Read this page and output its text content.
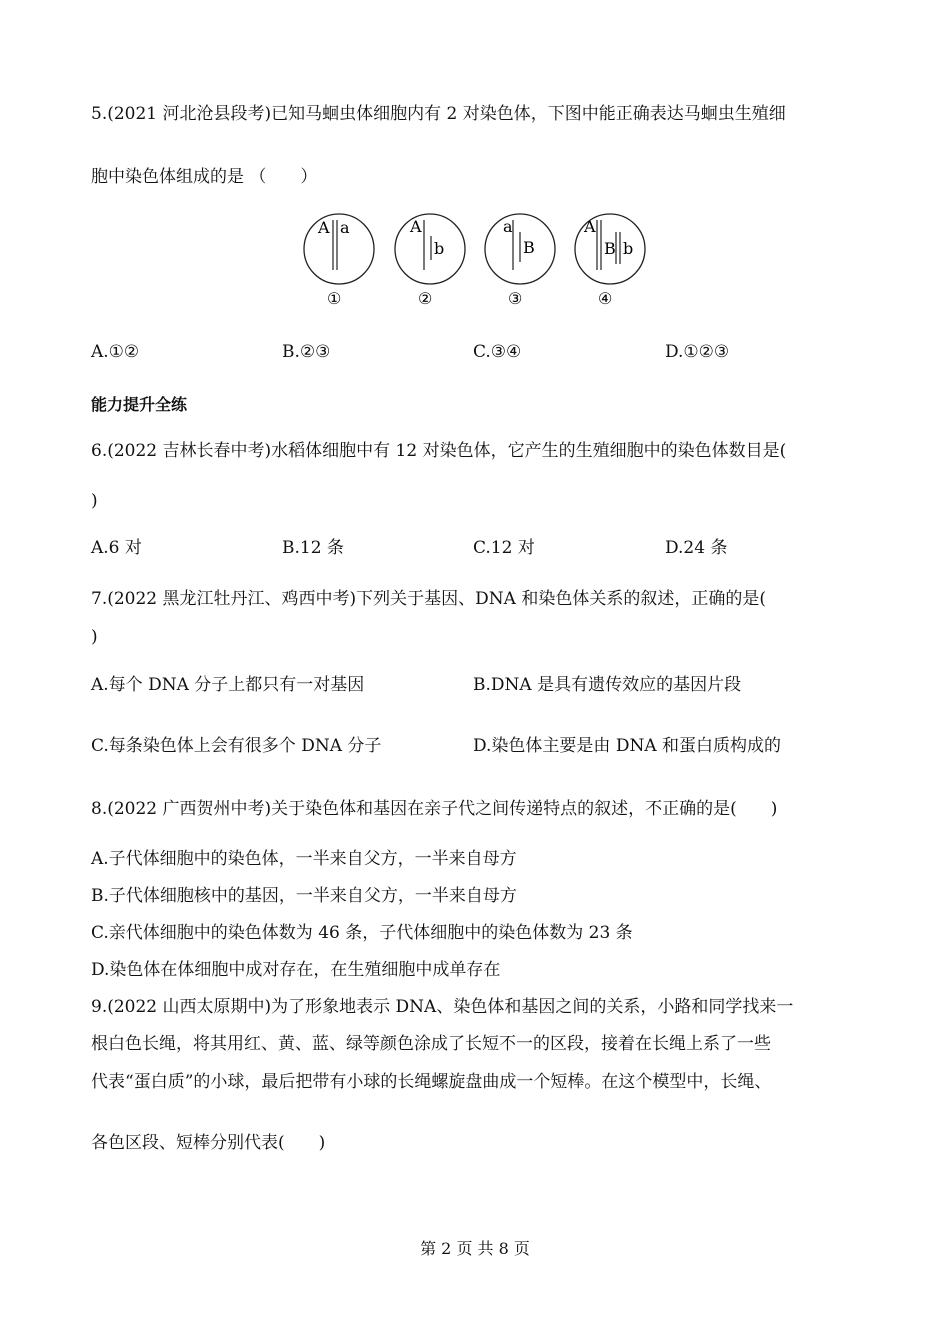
5.(2021 河北沧县段考)已知马蛔虫体细胞内有 2 对染色体，下图中能正确表达马蛔虫生殖细
胞中染色体组成的是 （　　）
A a
①
A
b
②
a
B
③
A
B b
④
A.①②	B.②③	C.③④	D.①②③
能力提升全练
6.(2022 吉林长春中考)水稻体细胞中有 12 对染色体，它产生的生殖细胞中的染色体数目是(
)
A.6 对	B.12 条	C.12 对	D.24 条
7.(2022 黑龙江牡丹江、鸡西中考)下列关于基因、DNA 和染色体关系的叙述，正确的是(
)
A.每个 DNA 分子上都只有一对基因	B.DNA 是具有遗传效应的基因片段
C.每条染色体上会有很多个 DNA 分子	D.染色体主要是由 DNA 和蛋白质构成的
8.(2022 广西贺州中考)关于染色体和基因在亲子代之间传递特点的叙述，不正确的是(　　)
A.子代体细胞中的染色体，一半来自父方，一半来自母方
B.子代体细胞核中的基因，一半来自父方，一半来自母方
C.亲代体细胞中的染色体数为 46 条，子代体细胞中的染色体数为 23 条
D.染色体在体细胞中成对存在，在生殖细胞中成单存在
9.(2022 山西太原期中)为了形象地表示 DNA、染色体和基因之间的关系，小路和同学找来一
根白色长绳，将其用红、黄、蓝、绿等颜色涂成了长短不一的区段，接着在长绳上系了一些
代表“蛋白质”的小球，最后把带有小球的长绳螺旋盘曲成一个短棒。在这个模型中，长绳、
各色区段、短棒分别代表(　　)
第 2 页 共 8 页
